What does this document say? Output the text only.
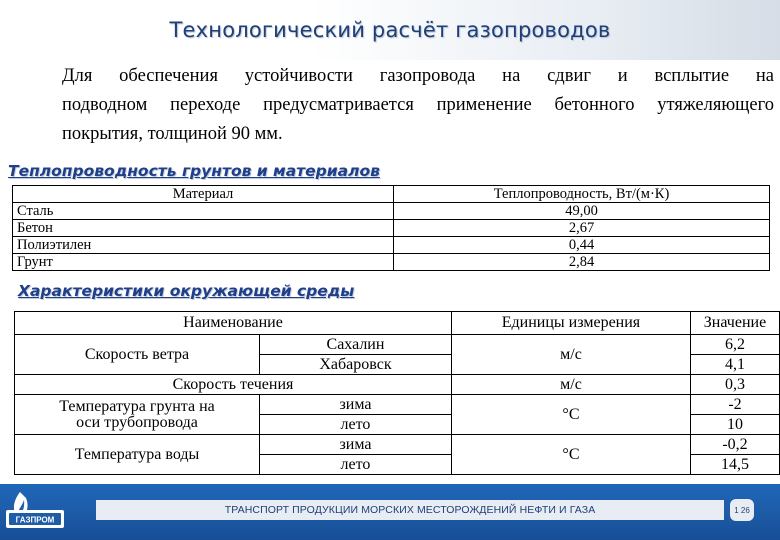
Технологический расчёт газопроводов
Для обеспечения устойчивости газопровода на сдвиг и всплытие на
подводном переходе предусматривается применение бетонного утяжеляющего
покрытия, толщиной 90 мм.
Теплопроводность грунтов и материалов
Материал	Теплопроводность, Вт/(м·К)
Сталь	49,00
Бетон	2,67
Полиэтилен	0,44
Грунт	2,84
Характеристики окружающей среды
Наименование		Единицы измерения	Значение
Скорость ветра	Сахалин	м/с	6,2
	Хабаровск		4,1
Скорость течения		м/с	0,3
Температура грунта на
оси трубопровода	зима	°С	-2
	лето		10
Температура воды	зима	°С	-0,2
	лето		14,5
ГАЗПРОМ
ТРАНСПОРТ ПРОДУКЦИИ МОРСКИХ МЕСТОРОЖДЕНИЙ НЕФТИ И ГАЗА	1 26
